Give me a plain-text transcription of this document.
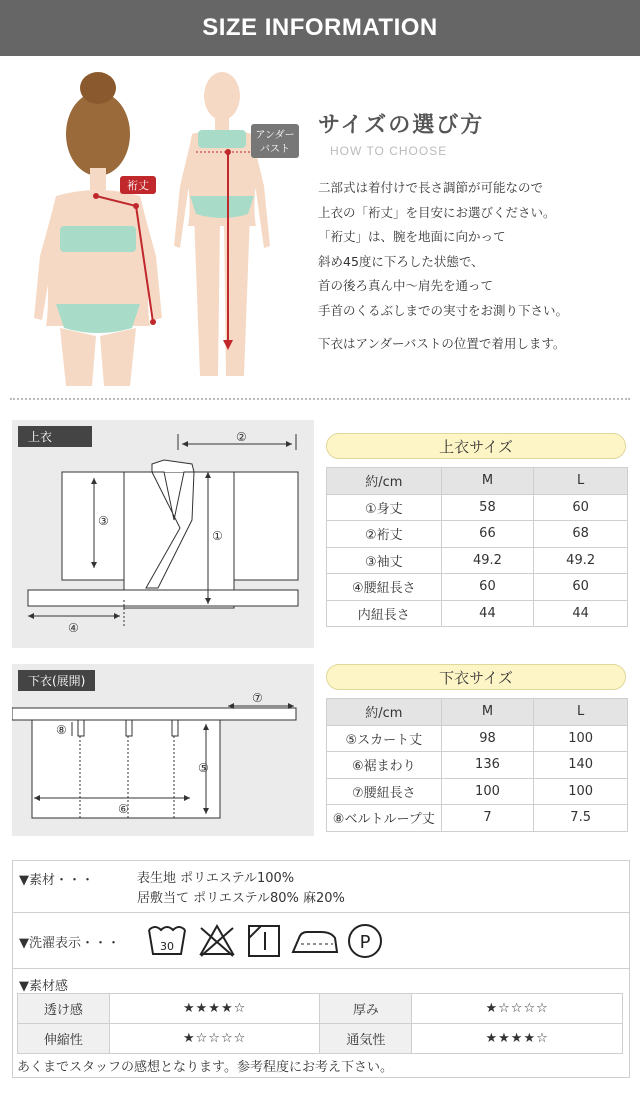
SIZE INFORMATION
裄丈
アンダー
バスト
サイズの選び方
HOW TO CHOOSE
二部式は着付けで長さ調節が可能なので
上衣の「裄丈」を目安にお選びください。
「裄丈」は、腕を地面に向かって
斜め45度に下ろした状態で、
首の後ろ真ん中〜肩先を通って
手首のくるぶしまでの実寸をお測り下さい。
下衣はアンダーバストの位置で着用します。
上衣	②
③
①
④
上衣サイズ
約/cm	M	L
①身丈	58	60
②裄丈	66	68
③袖丈	49.2	49.2
④腰紐長さ	60	60
内紐長さ	44	44
下衣(展開)
⑦
⑧
⑤
⑥
下衣サイズ
約/cm	M	L
⑤スカート丈	98	100
⑥裾まわり	136	140
⑦腰紐長さ	100	100
⑧ベルトループ丈	7	7.5
▼素材・・・	表生地 ポリエステル100%
居敷当て ポリエステル80% 麻20%
▼洗濯表示・・・	30	P
▼素材感
透け感	★★★★☆	厚み	★☆☆☆☆
伸縮性	★☆☆☆☆	通気性	★★★★☆
あくまでスタッフの感想となります。参考程度にお考え下さい。
